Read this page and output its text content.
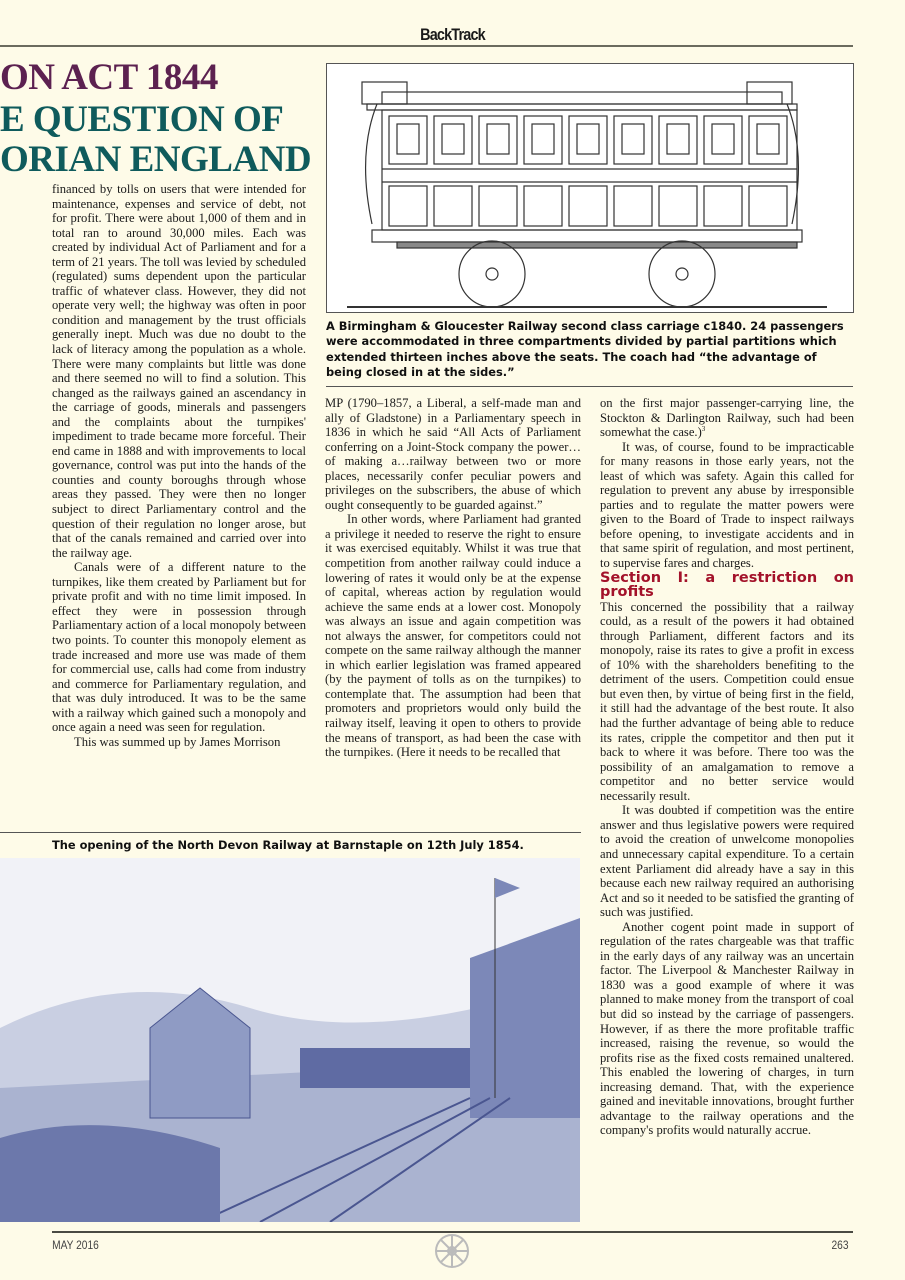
BackTrack
ON ACT 1844
E QUESTION OF
ORIAN ENGLAND
A Birmingham & Gloucester Railway second class carriage c1840. 24 passengers were accommodated in three compartments divided by partial partitions which extended thirteen inches above the seats. The coach had “the advantage of being closed in at the sides.”

financed by tolls on users that were intended for maintenance, expenses and service of debt, not for profit. There were about 1,000 of them and in total ran to around 30,000 miles. Each was created by individual Act of Parliament and for a term of 21 years. The toll was levied by scheduled (regulated) sums dependent upon the particular traffic of whatever class. However, they did not operate very well; the highway was often in poor condition and management by the trust officials generally inept. Much was due no doubt to the lack of literacy among the population as a whole. There were many complaints but little was done and there seemed no will to find a solution. This changed as the railways gained an ascendancy in the carriage of goods, minerals and passengers and the complaints about the turnpikes' impediment to trade became more forceful. Their end came in 1888 and with improvements to local governance, control was put into the hands of the counties and county boroughs through whose areas they passed. They were then no longer subject to direct Parliamentary control and the question of their regulation no longer arose, but that of the canals remained and carried over into the railway age.

Canals were of a different nature to the turnpikes, like them created by Parliament but for private profit and with no time limit imposed. In effect they were in possession through Parliamentary action of a local monopoly between two points. To counter this monopoly element as trade increased and more use was made of them for commercial use, calls had come from industry and commerce for Parliamentary regulation, and that was duly introduced. It was to be the same with a railway which gained such a monopoly and once again a need was seen for regulation.

This was summed up by James Morrison

MP (1790–1857, a Liberal, a self-made man and ally of Gladstone) in a Parliamentary speech in 1836 in which he said “All Acts of Parliament conferring on a Joint-Stock company the power…of making a…railway between two or more places, necessarily confer peculiar powers and privileges on the subscribers, the abuse of which ought consequently to be guarded against.”

In other words, where Parliament had granted a privilege it needed to reserve the right to ensure it was exercised equitably. Whilst it was true that competition from another railway could induce a lowering of rates it would only be at the expense of capital, whereas action by regulation would achieve the same ends at a lower cost. Monopoly was always an issue and again competition was not always the answer, for competitors could not compete on the same railway although the manner in which earlier legislation was framed appeared (by the payment of tolls as on the turnpikes) to contemplate that. The assumption had been that promoters and proprietors would only build the railway itself, leaving it open to others to provide the means of transport, as had been the case with the turnpikes. (Here it needs to be recalled that

on the first major passenger-carrying line, the Stockton & Darlington Railway, such had been somewhat the case.)$^3$

It was, of course, found to be impracticable for many reasons in those early years, not the least of which was safety. Again this called for regulation to prevent any abuse by irresponsible parties and to regulate the matter powers were given to the Board of Trade to inspect railways before opening, to investigate accidents and in that same spirit of regulation, and most pertinent, to supervise fares and charges.

Section I: a restriction on profits

This concerned the possibility that a railway could, as a result of the powers it had obtained through Parliament, different factors and its monopoly, raise its rates to give a profit in excess of 10% with the shareholders benefiting to the detriment of the users. Competition could ensue but even then, by virtue of being first in the field, it still had the advantage of the best route. It also had the further advantage of being able to reduce its rates, cripple the competitor and then put it back to where it was before. There too was the possibility of an amalgamation to remove a competitor and no better service would necessarily result.

It was doubted if competition was the entire answer and thus legislative powers were required to avoid the creation of unwelcome monopolies and unnecessary capital expenditure. To a certain extent Parliament did already have a say in this because each new railway required an authorising Act and so it needed to be satisfied the granting of such was justified.

Another cogent point made in support of regulation of the rates chargeable was that traffic in the early days of any railway was an uncertain factor. The Liverpool & Manchester Railway in 1830 was a good example of where it was planned to make money from the transport of coal but did so instead by the carriage of passengers. However, if as there the more profitable traffic increased, raising the revenue, so would the profits rise as the fixed costs remained unaltered. This enabled the lowering of charges, in turn increasing demand. That, with the experience gained and inevitable innovations, brought further advantage to the railway operations and the company's profits would naturally accrue.

The opening of the North Devon Railway at Barnstaple on 12th July 1854.
MAY 2016	263
